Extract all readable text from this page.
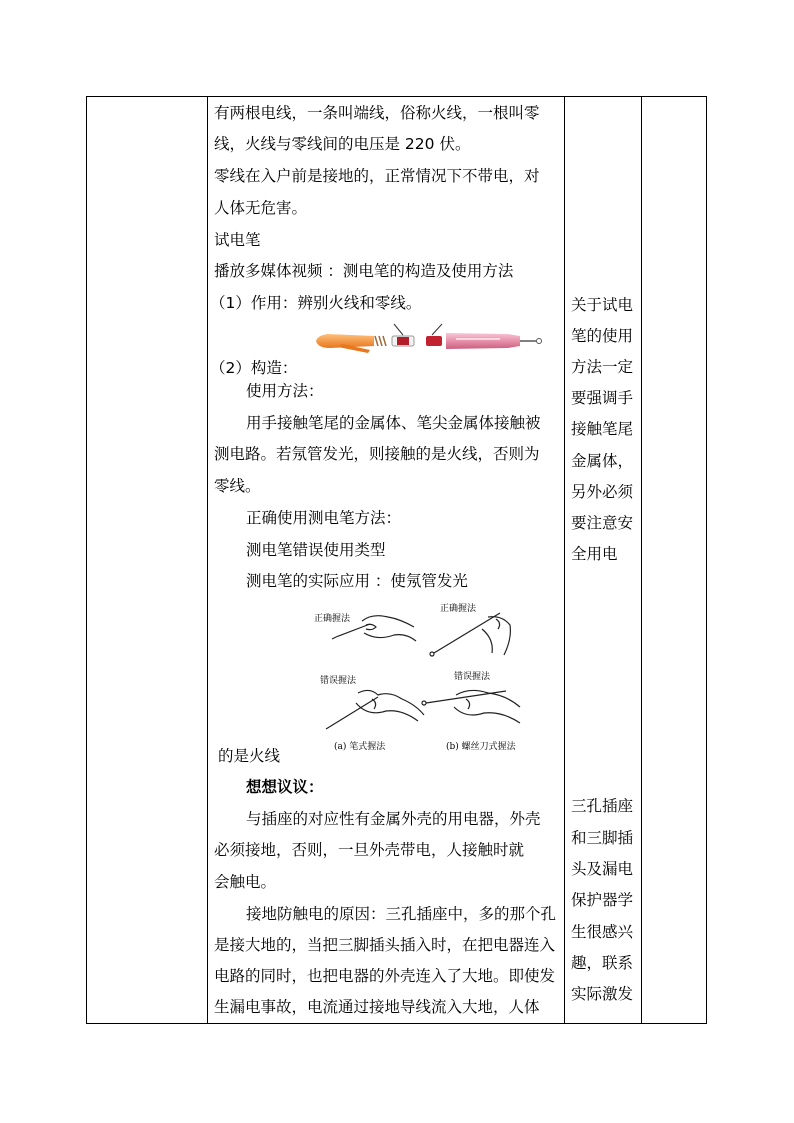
有两根电线，一条叫端线，俗称火线，一根叫零
线，火线与零线间的电压是 220 伏。
零线在入户前是接地的，正常情况下不带电，对
人体无危害。
试电笔
播放多媒体视频 ：测电笔的构造及使用方法
（1）作用：辨别火线和零线。
（2）构造：
使用方法：
用手接触笔尾的金属体、笔尖金属体接触被
测电路。若氖管发光，则接触的是火线，否则为
零线。
正确使用测电笔方法：
测电笔错误使用类型
测电笔的实际应用 ：使氖管发光
正确握法
正确握法
错误握法	错误握法
(a) 笔式握法	(b) 螺丝刀式握法
的是火线
想想议议：
与插座的对应性有金属外壳的用电器，外壳
必须接地，否则，一旦外壳带电，人接触时就
会触电。
接地防触电的原因：三孔插座中，多的那个孔
是接大地的，当把三脚插头插入时，在把电器连入
电路的同时，也把电器的外壳连入了大地。即使发
生漏电事故，电流通过接地导线流入大地，人体

关于试电
笔的使用
方法一定
要强调手
接触笔尾
金属体，
另外必须
要注意安
全用电
三孔插座
和三脚插
头及漏电
保护器学
生很感兴
趣，联系
实际激发
